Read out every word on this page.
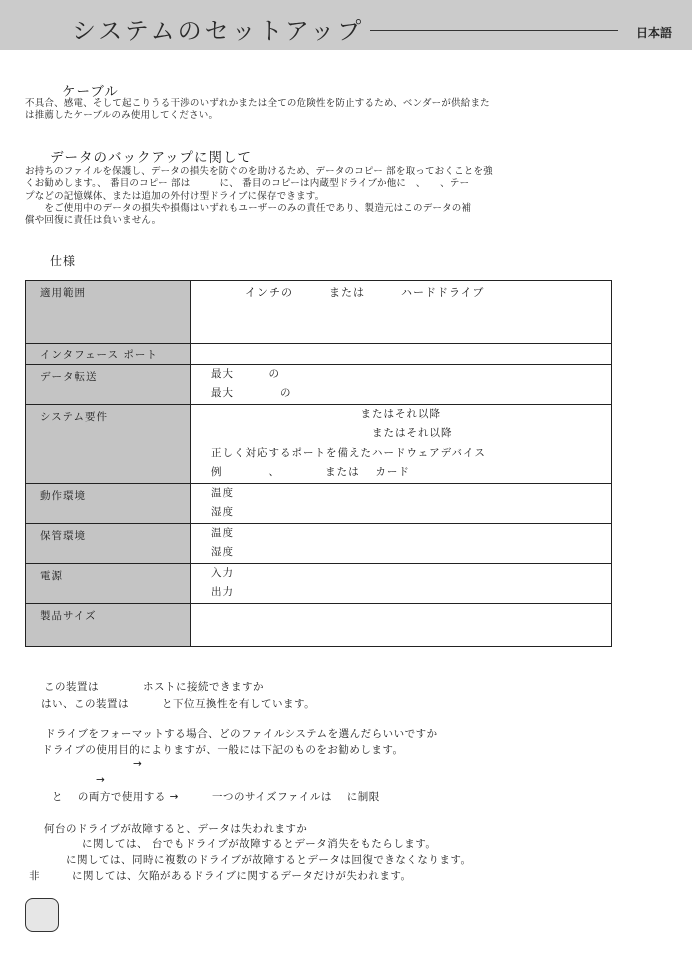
システムのセットアップ	日本語
ケーブル
不具合、感電、そして起こりうる干渉のいずれかまたは全ての危険性を防止するため、ベンダーが供給また
は推薦したケーブルのみ使用してください。
データのバックアップに関して
お持ちのファイルを保護し、データの損失を防ぐのを助けるため、データのコピー 部を取っておくことを強
くお勧めします。、 番目のコピー 部は　　　に、 番目のコピーは内蔵型ドライブか他に　、　　、テー
プなどの記憶媒体、または追加の外付け型ドライブに保存できます。
　　をご使用中のデータの損失や損傷はいずれもユーザーのみの責任であり、製造元はこのデータの補
償や回復に責任は負いません。
仕様
適用範囲	　　インチの　　　または　　　ハードドライブ

インタフェース ポート	

データ転送	最大　　　の
最大　　　　の

システム要件	　　　　　　　　　　　　　またはそれ以降
　　　　　　　　　　　　　　またはそれ以降
正しく対応するポートを備えたハードウェアデバイス
例　　　　、　　　　 または　 カード

動作環境	温度
湿度

保管環境	温度
湿度

電源	入力
出力

製品サイズ	
この装置は　　　　ホストに接続できますか
はい、この装置は　　　と下位互換性を有しています。
ドライブをフォーマットする場合、どのファイルシステムを選んだらいいですか
ドライブの使用目的によりますが、一般には下記のものをお勧めします。
→
→
と　 の両方で使用する →　　　一つのサイズファイルは　 に制限
何台のドライブが故障すると、データは失われますか
に関しては、 台でもドライブが故障するとデータ消失をもたらします。
に関しては、同時に複数のドライブが故障するとデータは回復できなくなります。
非	に関しては、欠陥があるドライブに関するデータだけが失われます。
